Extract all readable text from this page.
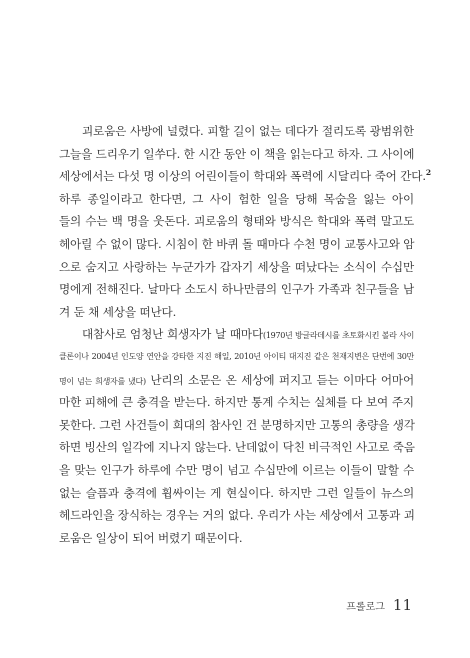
괴로움은 사방에 널렸다. 피할 길이 없는 데다가 절리도록 광범위한
그늘을 드리우기 일쑤다. 한 시간 동안 이 책을 읽는다고 하자. 그 사이에
세상에서는 다섯 명 이상의 어린이들이 학대와 폭력에 시달리다 죽어 간다.$^2$
하루 종일이라고 한다면, 그 사이 험한 일을 당해 목숨을 잃는 아이
들의 수는 백 명을 웃돈다. 괴로움의 형태와 방식은 학대와 폭력 말고도
헤아릴 수 없이 많다. 시침이 한 바퀴 돌 때마다 수천 명이 교통사고와 암
으로 숨지고 사랑하는 누군가가 갑자기 세상을 떠났다는 소식이 수십만
명에게 전해진다. 날마다 소도시 하나만큼의 인구가 가족과 친구들을 남
겨 둔 채 세상을 떠난다.
대참사로 엄청난 희생자가 날 때마다(1970년 방글라데시를 초토화시킨 볼라 사이
클론이나 2004년 인도양 연안을 강타한 지진 해일, 2010년 아이티 대지진 같은 천재지변은 단번에 30만
명이 넘는 희생자를 냈다) 난리의 소문은 온 세상에 퍼지고 듣는 이마다 어마어
마한 피해에 큰 충격을 받는다. 하지만 통계 수치는 실체를 다 보여 주지
못한다. 그런 사건들이 희대의 참사인 건 분명하지만 고통의 총량을 생각
하면 빙산의 일각에 지나지 않는다. 난데없이 닥친 비극적인 사고로 죽음
을 맞는 인구가 하루에 수만 명이 넘고 수십만에 이르는 이들이 말할 수
없는 슬픔과 충격에 휩싸이는 게 현실이다. 하지만 그런 일들이 뉴스의
헤드라인을 장식하는 경우는 거의 없다. 우리가 사는 세상에서 고통과 괴
로움은 일상이 되어 버렸기 때문이다.
프롤로그 11
